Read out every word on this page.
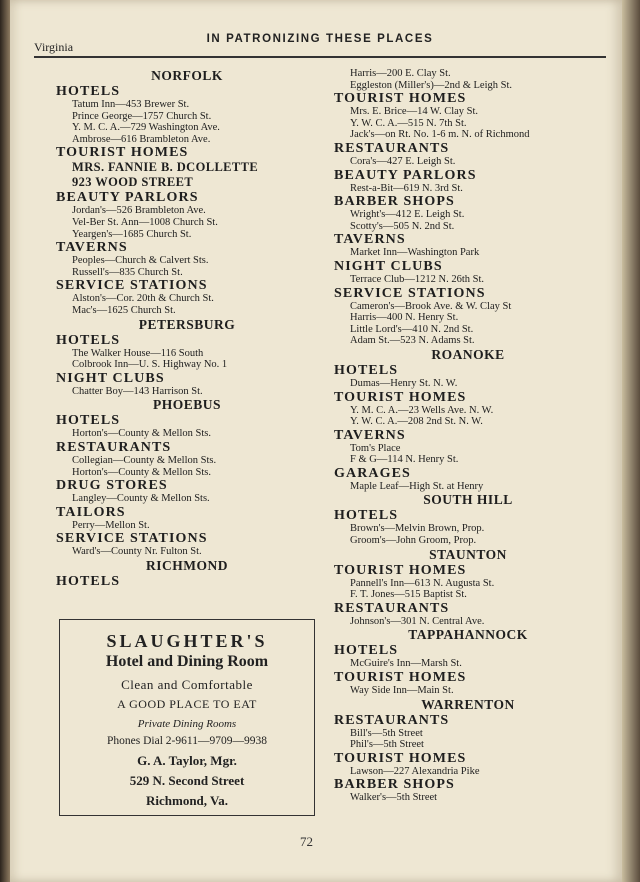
Virginia
IN PATRONIZING THESE PLACES
NORFOLK
HOTELS
Tatum Inn—453 Brewer St.
Prince George—1757 Church St.
Y. M. C. A.—729 Washington Ave.
Ambrose—616 Brambleton Ave.
TOURIST HOMES
MRS. FANNIE B. DCOLLETTE
923 WOOD STREET
BEAUTY PARLORS
Jordan's—526 Brambleton Ave.
Vel-Ber St. Ann—1008 Church St.
Yeargen's—1685 Church St.
TAVERNS
Peoples—Church & Calvert Sts.
Russell's—835 Church St.
SERVICE STATIONS
Alston's—Cor. 20th & Church St.
Mac's—1625 Church St.
PETERSBURG
HOTELS
The Walker House—116 South
Colbrook Inn—U. S. Highway No. 1
NIGHT CLUBS
Chatter Boy—143 Harrison St.
PHOEBUS
HOTELS
Horton's—County & Mellon Sts.
RESTAURANTS
Collegian—County & Mellon Sts.
Horton's—County & Mellon Sts.
DRUG STORES
Langley—County & Mellon Sts.
TAILORS
Perry—Mellon St.
SERVICE STATIONS
Ward's—County Nr. Fulton St.
RICHMOND
HOTELS
Harris—200 E. Clay St.
Eggleston (Miller's)—2nd & Leigh St.
TOURIST HOMES
Mrs. E. Brice—14 W. Clay St.
Y. W. C. A.—515 N. 7th St.
Jack's—on Rt. No. 1-6 m. N. of Richmond
RESTAURANTS
Cora's—427 E. Leigh St.
BEAUTY PARLORS
Rest-a-Bit—619 N. 3rd St.
BARBER SHOPS
Wright's—412 E. Leigh St.
Scotty's—505 N. 2nd St.
TAVERNS
Market Inn—Washington Park
NIGHT CLUBS
Terrace Club—1212 N. 26th St.
SERVICE STATIONS
Cameron's—Brook Ave. & W. Clay St
Harris—400 N. Henry St.
Little Lord's—410 N. 2nd St.
Adam St.—523 N. Adams St.
ROANOKE
HOTELS
Dumas—Henry St. N. W.
TOURIST HOMES
Y. M. C. A.—23 Wells Ave. N. W.
Y. W. C. A.—208 2nd St. N. W.
TAVERNS
Tom's Place
F & G—114 N. Henry St.
GARAGES
Maple Leaf—High St. at Henry
SOUTH HILL
HOTELS
Brown's—Melvin Brown, Prop.
Groom's—John Groom, Prop.
STAUNTON
TOURIST HOMES
Pannell's Inn—613 N. Augusta St.
F. T. Jones—515 Baptist St.
RESTAURANTS
Johnson's—301 N. Central Ave.
TAPPAHANNOCK
HOTELS
McGuire's Inn—Marsh St.
TOURIST HOMES
Way Side Inn—Main St.
WARRENTON
RESTAURANTS
Bill's—5th Street
Phil's—5th Street
TOURIST HOMES
Lawson—227 Alexandria Pike
BARBER SHOPS
Walker's—5th Street
SLAUGHTER'S
Hotel and Dining Room
Clean and Comfortable
A GOOD PLACE TO EAT
Private Dining Rooms
Phones Dial 2-9611—9709—9938
G. A. Taylor, Mgr.
529 N. Second Street
Richmond, Va.
72
